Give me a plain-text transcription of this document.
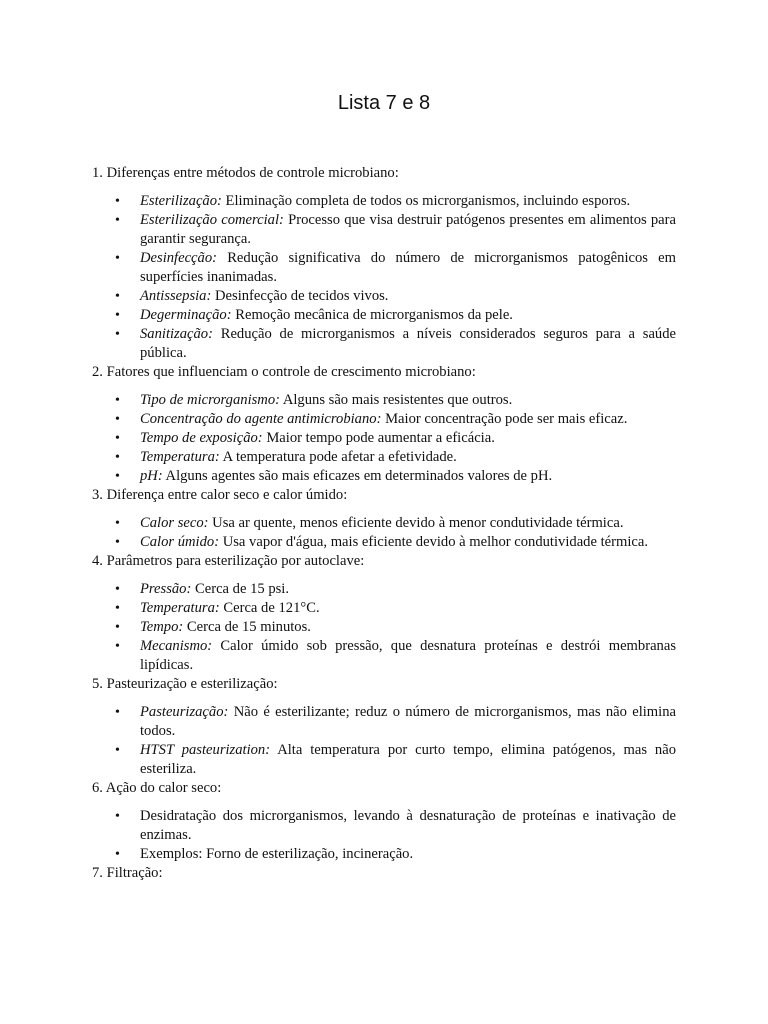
Lista 7 e 8

1. Diferenças entre métodos de controle microbiano:

• Esterilização: Eliminação completa de todos os microrganismos, incluindo esporos.
• Esterilização comercial: Processo que visa destruir patógenos presentes em alimentos para garantir segurança.
• Desinfecção: Redução significativa do número de microrganismos patogênicos em superfícies inanimadas.
• Antissepsia: Desinfecção de tecidos vivos.
• Degerminação: Remoção mecânica de microrganismos da pele.
• Sanitização: Redução de microrganismos a níveis considerados seguros para a saúde pública.

2. Fatores que influenciam o controle de crescimento microbiano:

• Tipo de microrganismo: Alguns são mais resistentes que outros.
• Concentração do agente antimicrobiano: Maior concentração pode ser mais eficaz.
• Tempo de exposição: Maior tempo pode aumentar a eficácia.
• Temperatura: A temperatura pode afetar a efetividade.
• pH: Alguns agentes são mais eficazes em determinados valores de pH.

3. Diferença entre calor seco e calor úmido:

• Calor seco: Usa ar quente, menos eficiente devido à menor condutividade térmica.
• Calor úmido: Usa vapor d'água, mais eficiente devido à melhor condutividade térmica.

4. Parâmetros para esterilização por autoclave:

• Pressão: Cerca de 15 psi.
• Temperatura: Cerca de 121°C.
• Tempo: Cerca de 15 minutos.
• Mecanismo: Calor úmido sob pressão, que desnatura proteínas e destrói membranas lipídicas.

5. Pasteurização e esterilização:

• Pasteurização: Não é esterilizante; reduz o número de microrganismos, mas não elimina todos.
• HTST pasteurization: Alta temperatura por curto tempo, elimina patógenos, mas não esteriliza.

6. Ação do calor seco:

• Desidratação dos microrganismos, levando à desnaturação de proteínas e inativação de enzimas.
• Exemplos: Forno de esterilização, incineração.

7. Filtração:
